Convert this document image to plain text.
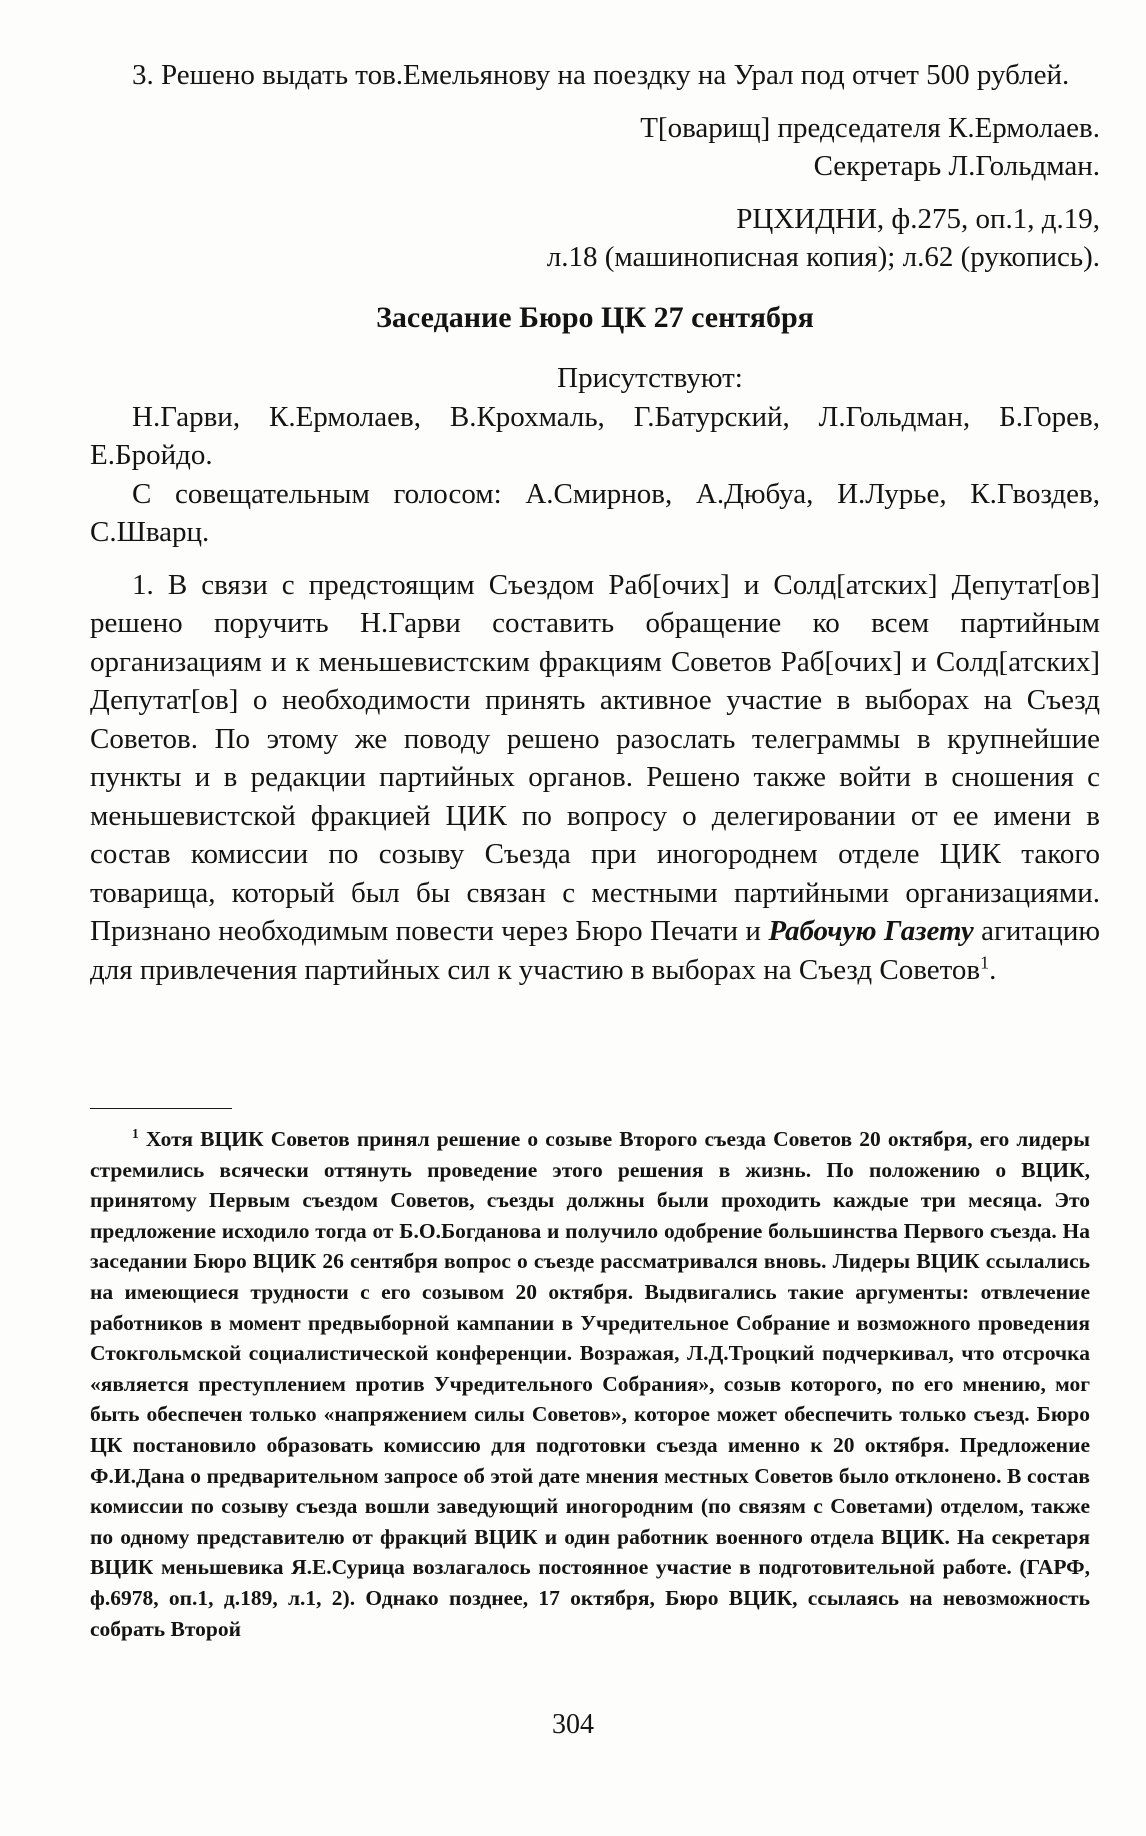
3. Решено выдать тов.Емельянову на поездку на Урал под отчет 500 рублей.

Т[оварищ] председателя К.Ермолаев.

Секретарь Л.Гольдман.

РЦХИДНИ, ф.275, оп.1, д.19,

л.18 (машинописная копия); л.62 (рукопись).

Заседание Бюро ЦК 27 сентября

Присутствуют:

Н.Гарви, К.Ермолаев, В.Крохмаль, Г.Батурский, Л.Гольдман, Б.Горев, Е.Бройдо.

С совещательным голосом: А.Смирнов, А.Дюбуа, И.Лурье, К.Гвоздев, С.Шварц.

1. В связи с предстоящим Съездом Раб[очих] и Солд[атских] Депутат[ов] решено поручить Н.Гарви составить обращение ко всем партийным организациям и к меньшевистским фракциям Советов Раб[очих] и Солд[атских] Депутат[ов] о необходимости принять активное участие в выборах на Съезд Советов. По этому же поводу решено разослать телеграммы в крупнейшие пункты и в редакции партийных органов. Решено также войти в сношения с меньшевистской фракцией ЦИК по вопросу о делегировании от ее имени в состав комиссии по созыву Съезда при иногороднем отделе ЦИК такого товарища, который был бы связан с местными партийными организациями. Признано необходимым повести через Бюро Печати и Рабочую Газету агитацию для привлечения партийных сил к участию в выборах на Съезд Советов$^1$.

$^1$ Хотя ВЦИК Советов принял решение о созыве Второго съезда Советов 20 октября, его лидеры стремились всячески оттянуть проведение этого решения в жизнь. По положению о ВЦИК, принятому Первым съездом Советов, съезды должны были проходить каждые три месяца. Это предложение исходило тогда от Б.О.Богданова и получило одобрение большинства Первого съезда. На заседании Бюро ВЦИК 26 сентября вопрос о съезде рассматривался вновь. Лидеры ВЦИК ссылались на имеющиеся трудности с его созывом 20 октября. Выдвигались такие аргументы: отвлечение работников в момент предвыборной кампании в Учредительное Собрание и возможного проведения Стокгольмской социалистической конференции. Возражая, Л.Д.Троцкий подчеркивал, что отсрочка «является преступлением против Учредительного Собрания», созыв которого, по его мнению, мог быть обеспечен только «напряжением силы Советов», которое может обеспечить только съезд. Бюро ЦК постановило образовать комиссию для подготовки съезда именно к 20 октября. Предложение Ф.И.Дана о предварительном запросе об этой дате мнения местных Советов было отклонено. В состав комиссии по созыву съезда вошли заведующий иногородним (по связям с Советами) отделом, также по одному представителю от фракций ВЦИК и один работник военного отдела ВЦИК. На секретаря ВЦИК меньшевика Я.Е.Сурица возлагалось постоянное участие в подготовительной работе. (ГАРФ, ф.6978, оп.1, д.189, л.1, 2). Однако позднее, 17 октября, Бюро ВЦИК, ссылаясь на невозможность собрать Второй

304
